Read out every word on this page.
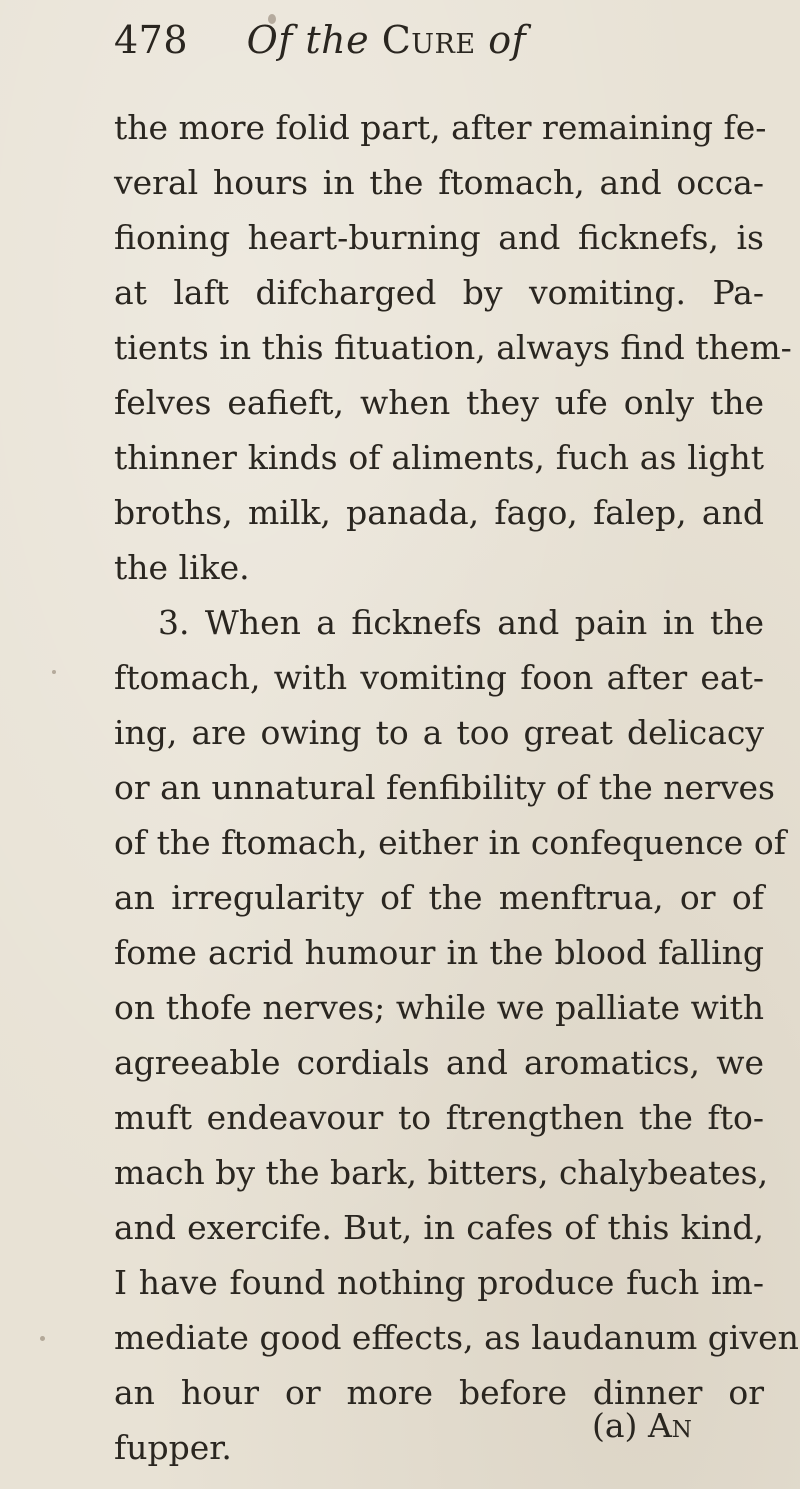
478 Of the Cure of
the more folid part, after remaining fe-
veral hours in the ftomach, and occa-
fioning heart-burning and ficknefs, is
at laft difcharged by vomiting. Pa-
tients in this fituation, always find them-
felves eafieft, when they ufe only the
thinner kinds of aliments, fuch as light
broths, milk, panada, fago, falep, and
the like.
3. When a ficknefs and pain in the
ftomach, with vomiting foon after eat-
ing, are owing to a too great delicacy
or an unnatural fenfibility of the nerves
of the ftomach, either in confequence of
an irregularity of the menftrua, or of
fome acrid humour in the blood falling
on thofe nerves; while we palliate with
agreeable cordials and aromatics, we
muft endeavour to ftrengthen the fto-
mach by the bark, bitters, chalybeates,
and exercife. But, in cafes of this kind,
I have found nothing produce fuch im-
mediate good effects, as laudanum given
an hour or more before dinner or
fupper.
(a) An
